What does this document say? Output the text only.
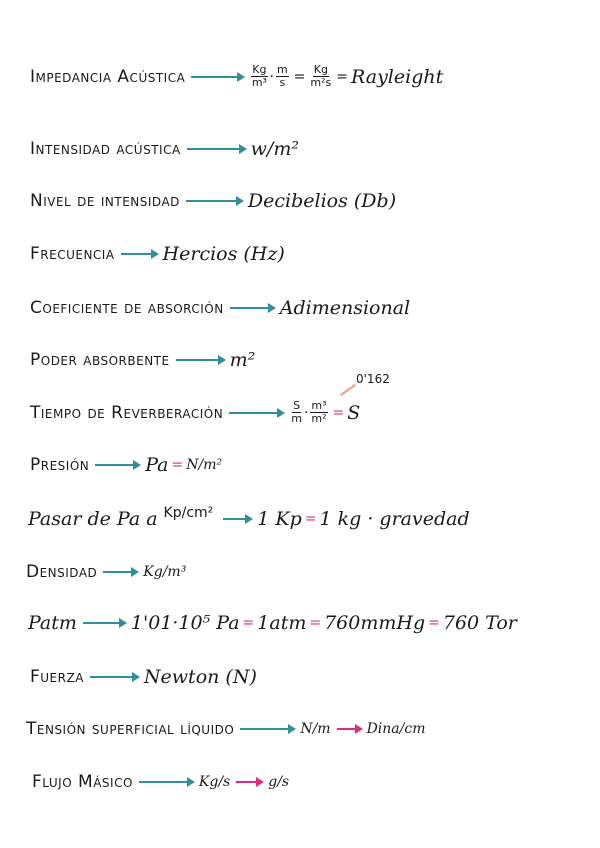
Impedancia Acústica	$\frac{Kg}{\text{m³}} \cdot \frac{m}{s} = \frac{Kg}{\text{m²s}}$ = Rayleight
Intensidad acústica	w/m²
Nivel de intensidad	Decibelios (Db)
Frecuencia	Hercios (Hz)
Coeficiente de absorción	Adimensional
Poder absorbente	m²
0'162
Tiempo de Reverberación	$\frac{S}{m} \cdot \frac{\text{m³}}{\text{m²}} = S$
Presión	Pa = N/m²
Pasar de Pa a Kp/cm² 1 Kp = 1 kg · gravedad
Densidad	Kg/m³
Patm	1'01·10⁵ Pa = 1atm = 760mmHg = 760 Tor
Fuerza	Newton (N)
Tensión superficial líquido	N/m	Dina/cm
Flujo Másico	Kg/s	g/s
